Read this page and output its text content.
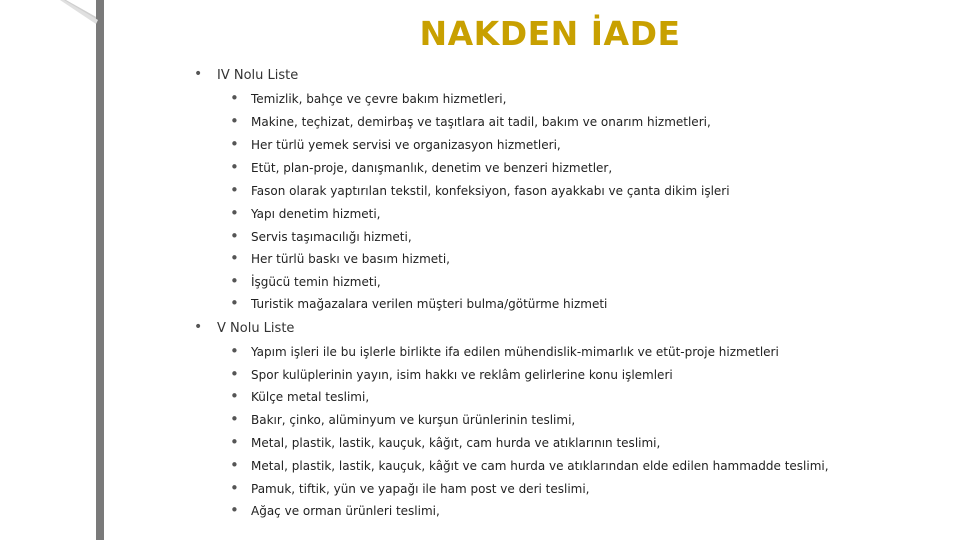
NAKDEN İADE
• IV Nolu Liste
• Temizlik, bahçe ve çevre bakım hizmetleri,
• Makine, teçhizat, demirbaş ve taşıtlara ait tadil, bakım ve onarım hizmetleri,
• Her türlü yemek servisi ve organizasyon hizmetleri,
• Etüt, plan-proje, danışmanlık, denetim ve benzeri hizmetler,
• Fason olarak yaptırılan tekstil, konfeksiyon, fason ayakkabı ve çanta dikim işleri
• Yapı denetim hizmeti,
• Servis taşımacılığı hizmeti,
• Her türlü baskı ve basım hizmeti,
• İşgücü temin hizmeti,
• Turistik mağazalara verilen müşteri bulma/götürme hizmeti
• V Nolu Liste
• Yapım işleri ile bu işlerle birlikte ifa edilen mühendislik-mimarlık ve etüt-proje hizmetleri
• Spor kulüplerinin yayın, isim hakkı ve reklâm gelirlerine konu işlemleri
• Külçe metal teslimi,
• Bakır, çinko, alüminyum ve kurşun ürünlerinin teslimi,
• Metal, plastik, lastik, kauçuk, kâğıt, cam hurda ve atıklarının teslimi,
• Metal, plastik, lastik, kauçuk, kâğıt ve cam hurda ve atıklarından elde edilen hammadde teslimi,
• Pamuk, tiftik, yün ve yapağı ile ham post ve deri teslimi,
• Ağaç ve orman ürünleri teslimi,
